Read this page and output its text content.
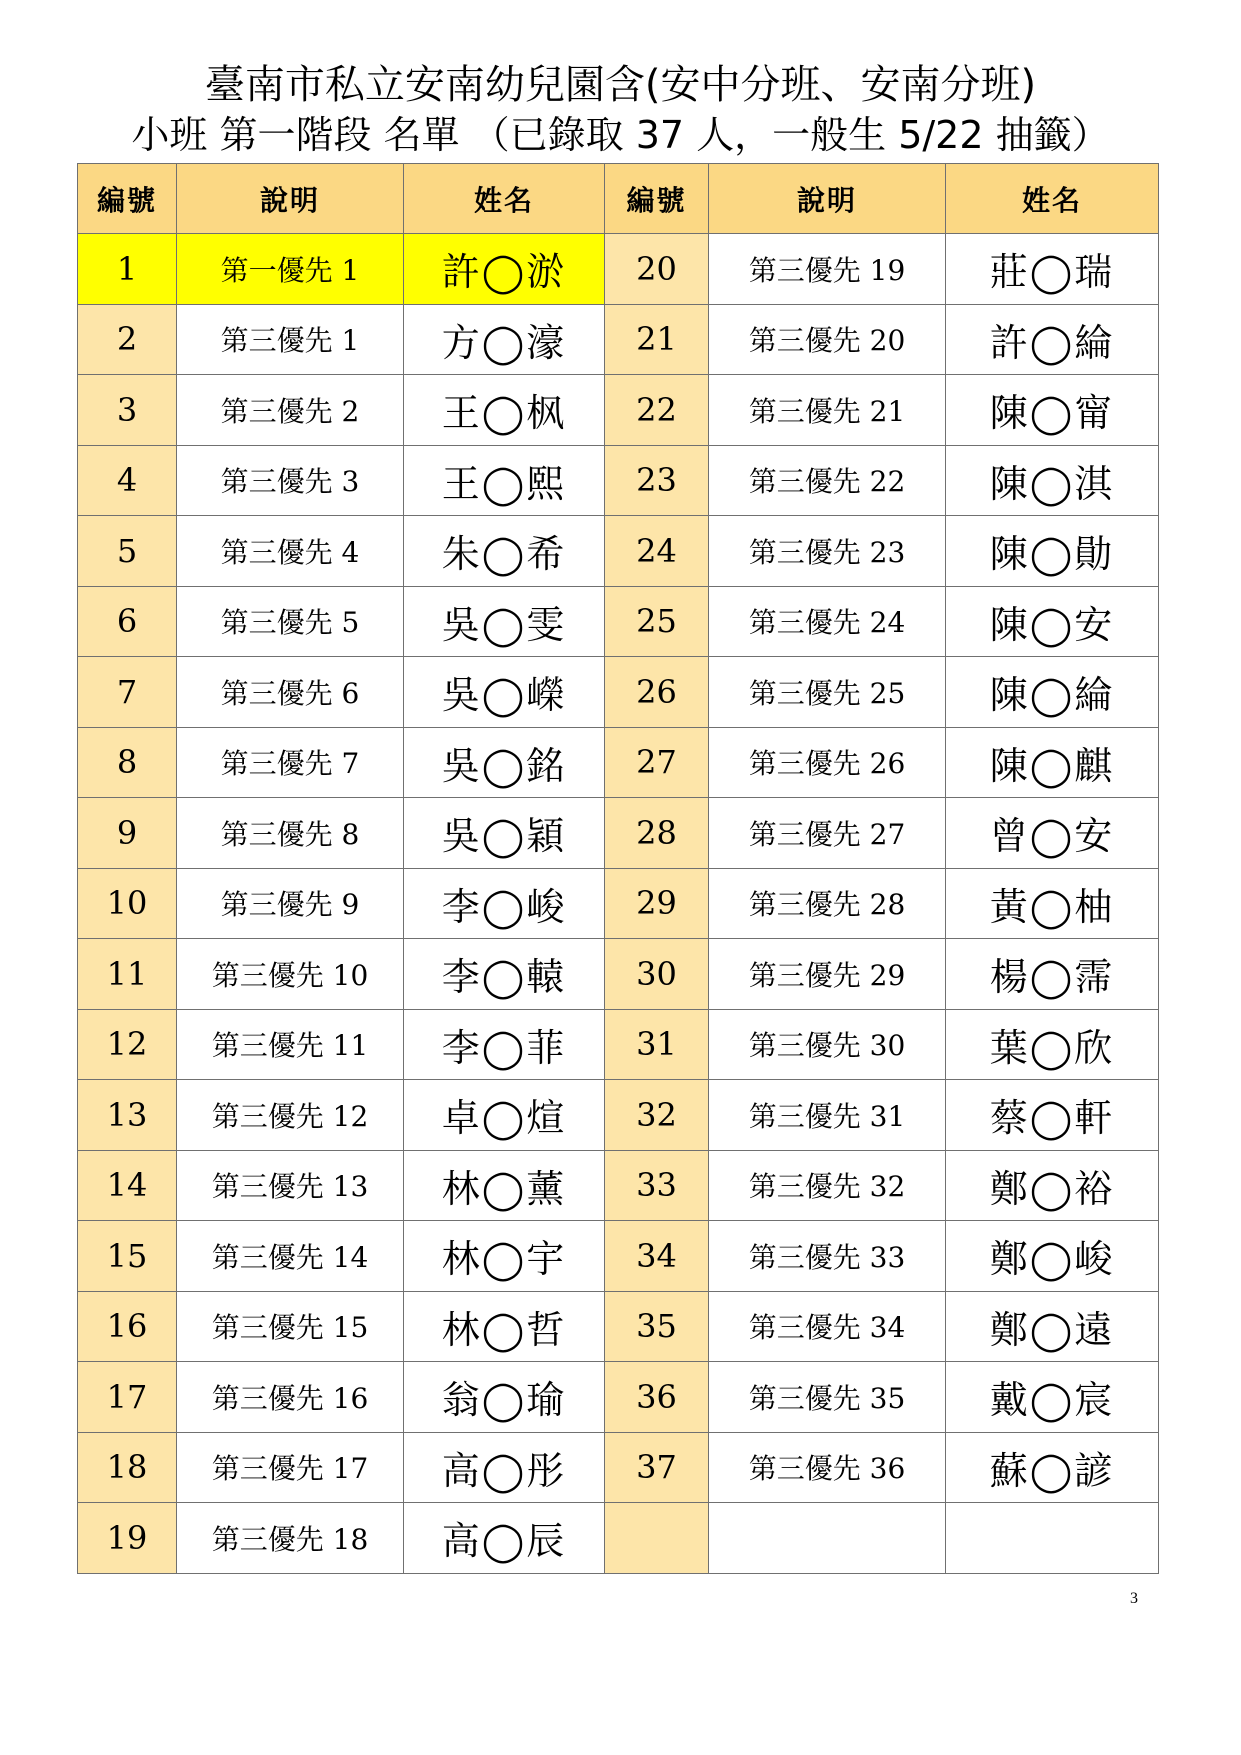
臺南市私立安南幼兒園含(安中分班、安南分班)
小班 第一階段 名單 （已錄取 37 人，一般生 5/22 抽籤）
編號	說明	姓名	編號	說明	姓名
1	第一優先 1	許◯淤	20	第三優先 19	莊◯瑞
2	第三優先 1	方◯濠	21	第三優先 20	許◯綸
3	第三優先 2	王◯枫	22	第三優先 21	陳◯甯
4	第三優先 3	王◯熙	23	第三優先 22	陳◯淇
5	第三優先 4	朱◯希	24	第三優先 23	陳◯勛
6	第三優先 5	吳◯雯	25	第三優先 24	陳◯安
7	第三優先 6	吳◯嶸	26	第三優先 25	陳◯綸
8	第三優先 7	吳◯銘	27	第三優先 26	陳◯麒
9	第三優先 8	吳◯穎	28	第三優先 27	曾◯安
10	第三優先 9	李◯峻	29	第三優先 28	黃◯柚
11	第三優先 10	李◯轅	30	第三優先 29	楊◯霈
12	第三優先 11	李◯菲	31	第三優先 30	葉◯欣
13	第三優先 12	卓◯煊	32	第三優先 31	蔡◯軒
14	第三優先 13	林◯薰	33	第三優先 32	鄭◯裕
15	第三優先 14	林◯宇	34	第三優先 33	鄭◯峻
16	第三優先 15	林◯哲	35	第三優先 34	鄭◯遠
17	第三優先 16	翁◯瑜	36	第三優先 35	戴◯宸
18	第三優先 17	高◯彤	37	第三優先 36	蘇◯諺
19	第三優先 18	高◯辰			
3
